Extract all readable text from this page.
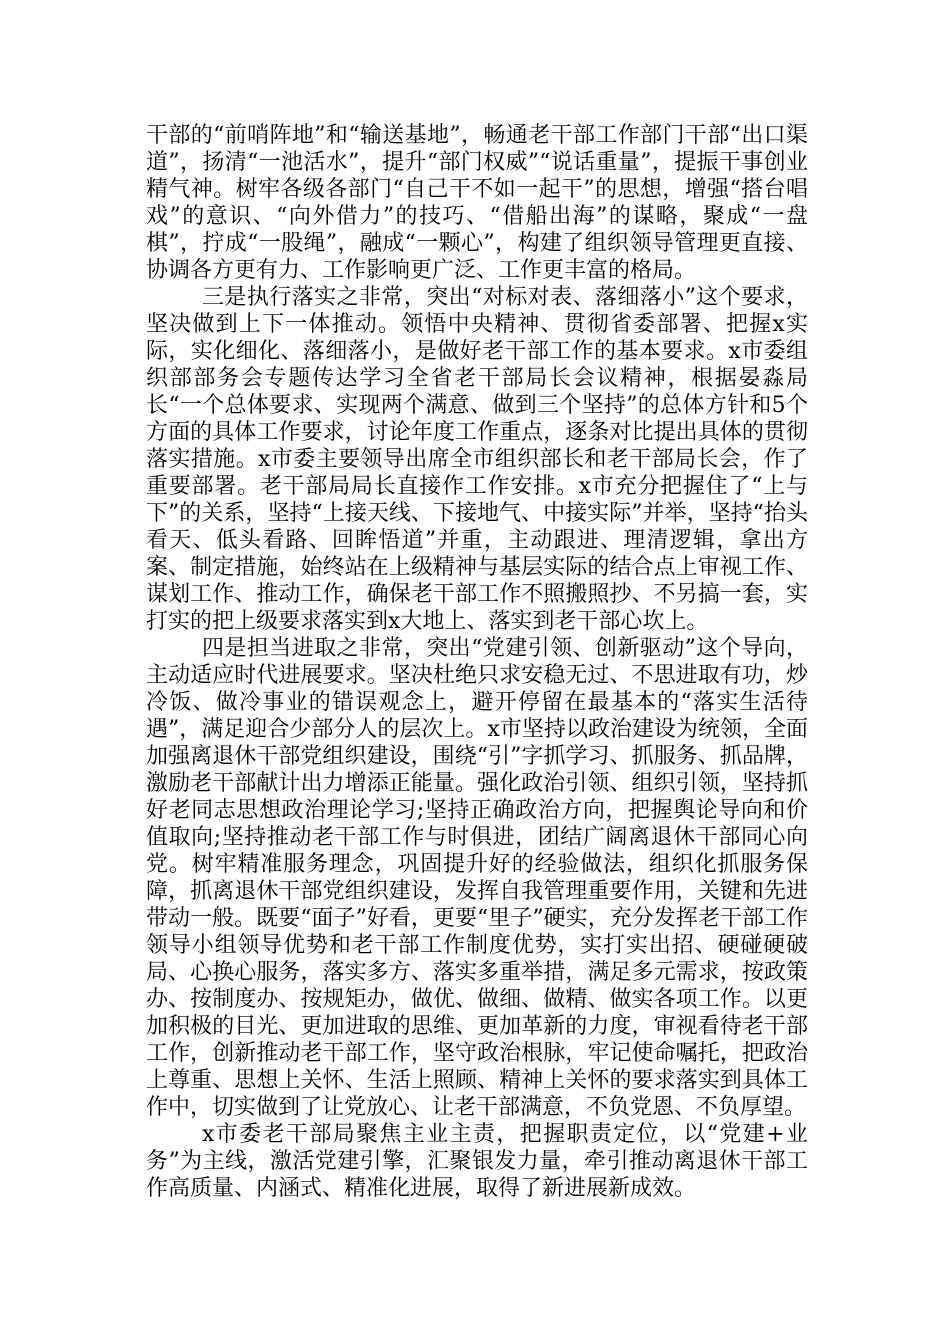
干部的“前哨阵地”和“输送基地”，畅通老干部工作部门干部“出口渠道”，扬清“一池活水”，提升“部门权威”“说话重量”，提振干事创业精气神。树牢各级各部门“自己干不如一起干”的思想，增强“搭台唱戏”的意识、“向外借力”的技巧、“借船出海”的谋略，聚成“一盘棋”，拧成“一股绳”，融成“一颗心”，构建了组织领导管理更直接、协调各方更有力、工作影响更广泛、工作更丰富的格局。

三是执行落实之非常，突出“对标对表、落细落小”这个要求，坚决做到上下一体推动。领悟中央精神、贯彻省委部署、把握x实际，实化细化、落细落小，是做好老干部工作的基本要求。x市委组织部部务会专题传达学习全省老干部局长会议精神，根据晏淼局长“一个总体要求、实现两个满意、做到三个坚持”的总体方针和5个方面的具体工作要求，讨论年度工作重点，逐条对比提出具体的贯彻落实措施。x市委主要领导出席全市组织部长和老干部局长会，作了重要部署。老干部局局长直接作工作安排。x市充分把握住了“上与下”的关系，坚持“上接天线、下接地气、中接实际”并举，坚持“抬头看天、低头看路、回眸悟道”并重，主动跟进、理清逻辑，拿出方案、制定措施，始终站在上级精神与基层实际的结合点上审视工作、谋划工作、推动工作，确保老干部工作不照搬照抄、不另搞一套，实打实的把上级要求落实到x大地上、落实到老干部心坎上。

四是担当进取之非常，突出“党建引领、创新驱动”这个导向，主动适应时代进展要求。坚决杜绝只求安稳无过、不思进取有功，炒冷饭、做冷事业的错误观念上，避开停留在最基本的“落实生活待遇”，满足迎合少部分人的层次上。x市坚持以政治建设为统领，全面加强离退休干部党组织建设，围绕“引”字抓学习、抓服务、抓品牌，激励老干部献计出力增添正能量。强化政治引领、组织引领，坚持抓好老同志思想政治理论学习;坚持正确政治方向，把握舆论导向和价值取向;坚持推动老干部工作与时俱进，团结广阔离退休干部同心向党。树牢精准服务理念，巩固提升好的经验做法，组织化抓服务保障，抓离退休干部党组织建设，发挥自我管理重要作用，关键和先进带动一般。既要“面子”好看，更要“里子”硬实，充分发挥老干部工作领导小组领导优势和老干部工作制度优势，实打实出招、硬碰硬破局、心换心服务，落实多方、落实多重举措，满足多元需求，按政策办、按制度办、按规矩办，做优、做细、做精、做实各项工作。以更加积极的目光、更加进取的思维、更加革新的力度，审视看待老干部工作，创新推动老干部工作，坚守政治根脉，牢记使命嘱托，把政治上尊重、思想上关怀、生活上照顾、精神上关怀的要求落实到具体工作中，切实做到了让党放心、让老干部满意，不负党恩、不负厚望。

x市委老干部局聚焦主业主责，把握职责定位，以“党建+业务”为主线，激活党建引擎，汇聚银发力量，牵引推动离退休干部工作高质量、内涵式、精准化进展，取得了新进展新成效。
